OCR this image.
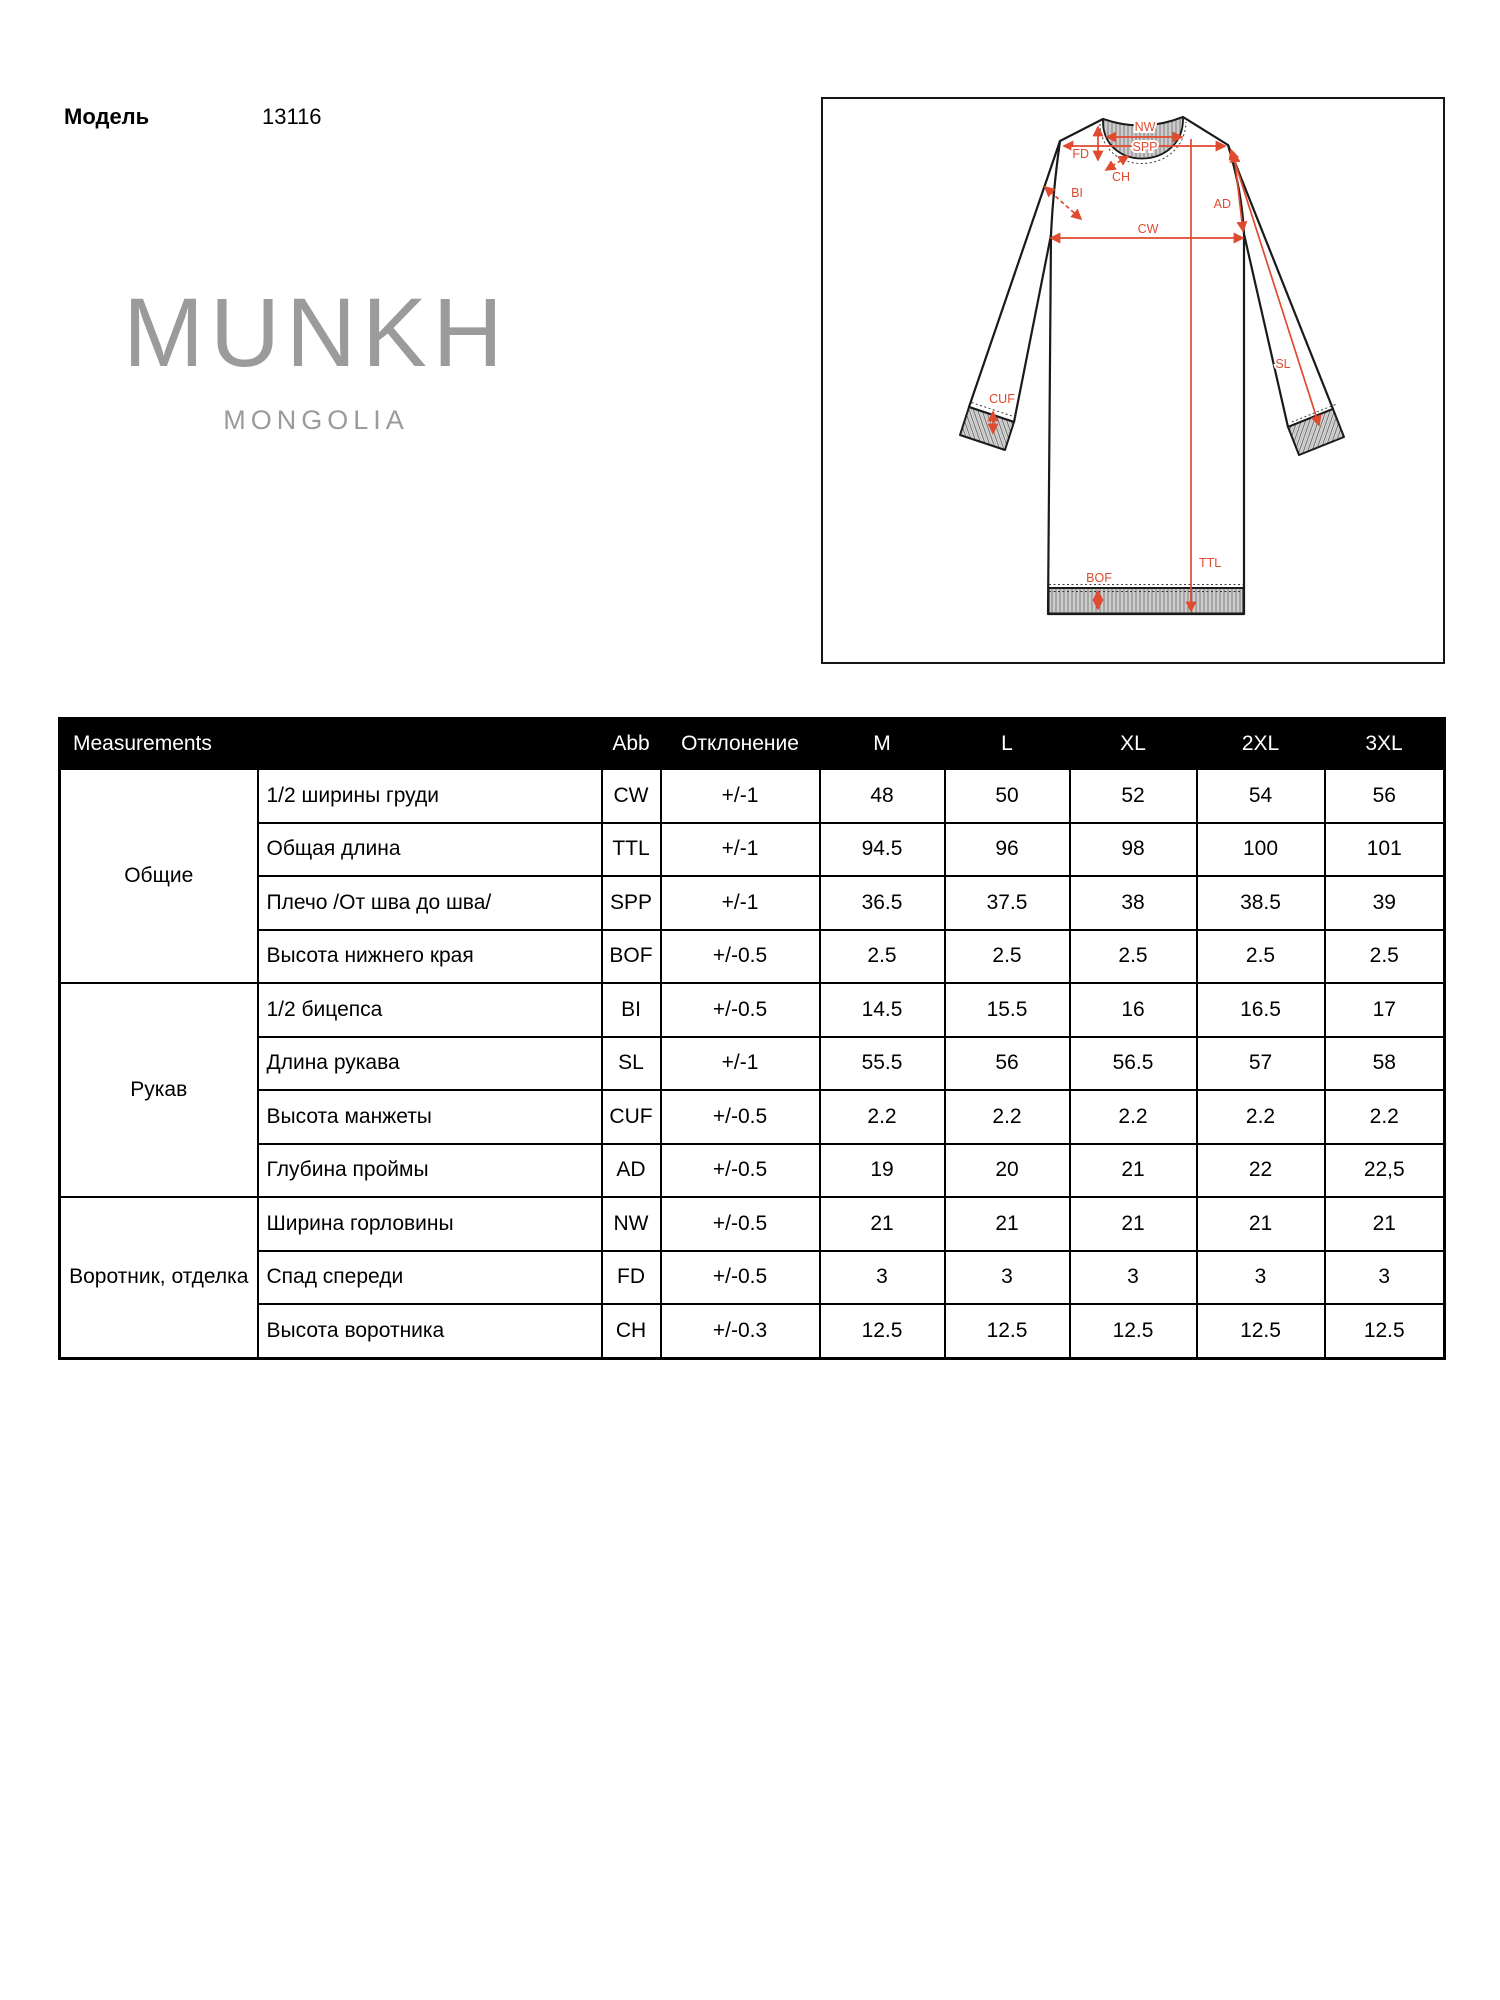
Модель	13116
MUNKH
MONGOLIA
NW
SPP
FD
CH
BI
AD
CW
SL
CUF
TTL
BOF
Measurements		Abb	Отклонение	M	L	XL	2XL	3XL
Общие	1/2 ширины груди	CW	+/-1	48	50	52	54	56
	Общая длина	TTL	+/-1	94.5	96	98	100	101
	Плечо /От шва до шва/	SPP	+/-1	36.5	37.5	38	38.5	39
	Высота нижнего края	BOF	+/-0.5	2.5	2.5	2.5	2.5	2.5
Рукав	1/2 бицепса	BI	+/-0.5	14.5	15.5	16	16.5	17
	Длина рукава	SL	+/-1	55.5	56	56.5	57	58
	Высота манжеты	CUF	+/-0.5	2.2	2.2	2.2	2.2	2.2
	Глубина проймы	AD	+/-0.5	19	20	21	22	22,5
Воротник, отделка	Ширина горловины	NW	+/-0.5	21	21	21	21	21
	Спад спереди	FD	+/-0.5	3	3	3	3	3
	Высота воротника	CH	+/-0.3	12.5	12.5	12.5	12.5	12.5
